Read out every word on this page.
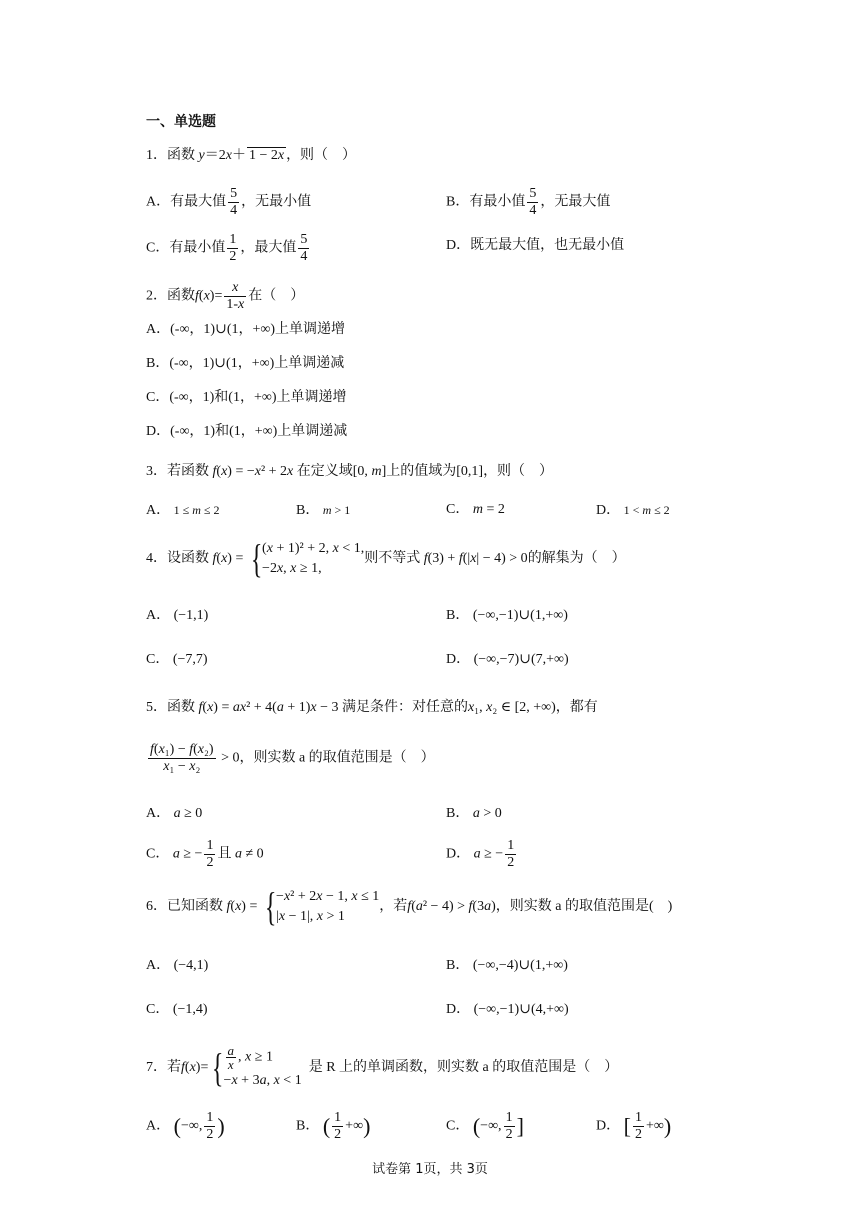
一、单选题
1．函数 y＝2x＋ 1 − 2x ，则（　）
A．有最大值 $\frac{5}{4}$ ，无最小值	B．有最小值 $\frac{5}{4}$ ，无最大值
C．有最小值 $\frac{1}{2}$ ，最大值 $\frac{5}{4}$	D．既无最大值，也无最小值
2．函数$f(x)= \frac{x}{1-x}$ 在（　）
A．(-∞，1)∪(1，+∞)上单调递增
B．(-∞，1)∪(1，+∞)上单调递减
C．(-∞，1)和(1，+∞)上单调递增
D．(-∞，1)和(1，+∞)上单调递减
3．若函数 f(x) = −x² + 2x 在定义域[0, m]上的值域为[0,1]，则（　）
A． 1 ≤ m ≤ 2	B． m > 1	C． m = 2	D． 1 < m ≤ 2
4． 设函数 f(x) = { (x + 1)² + 2, x < 1,
−2x, x ≥ 1,
则不等式 f(3) + f(|x| − 4) > 0 的解集为（　）
A． (−1,1)	B． (−∞,−1)∪(1,+∞)
C． (−7,7)	D． (−∞,−7)∪(7,+∞)
5．函数 f(x) = ax² + 4(a + 1)x − 3 满足条件：对任意的x₁, x₂ ∈ [2, +∞)，都有
$\frac{\text{f(x₁) − f(x₂)}}{\text{x₁ − x₂}} > 0$，则实数 a 的取值范围是（　）
A． a ≥ 0	B． a > 0
C． a ≥ − $\frac{1}{2}$ 且 a ≠ 0	D． a ≥ − $\frac{1}{2}$
6． 已知函数 f(x) = { −x² + 2x − 1, x ≤ 1
|x − 1|, x > 1
，若 f(a² − 4) > f(3a) ，则实数 a 的取值范围是(　)
A． (−4,1)	B． (−∞,−4)∪(1,+∞)
C． (−1,4)	D． (−∞,−1)∪(4,+∞)
7． 若 f(x)= { $\frac{a}{x}$ , x ≥ 1
−x + 3a, x < 1

是 R 上的单调函数，则实数 a 的取值范围是（　）
A． (−∞, $\frac{1}{2}$ )	B． ( $\frac{1}{2}$ +∞)	C． (−∞, $\frac{1}{2}$ ]	D． [ $\frac{1}{2}$ +∞)
试卷第 1页，共 3页
